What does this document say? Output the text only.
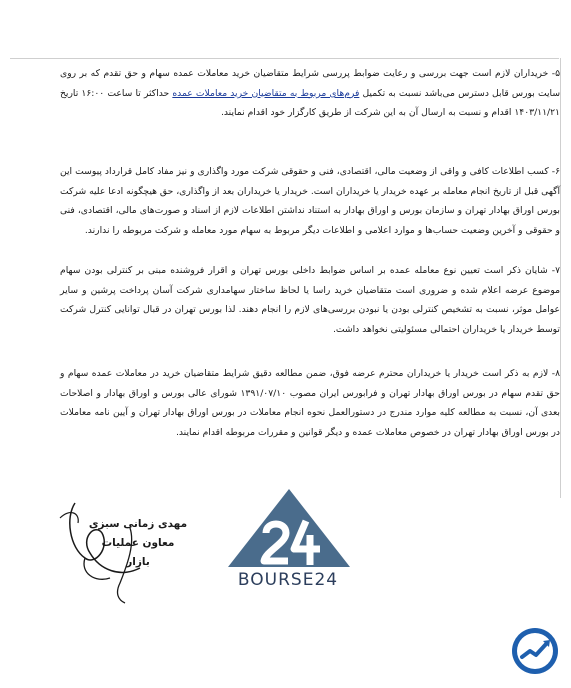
۵- خریداران لازم است جهت بررسی و رعایت ضوابط پررسی شرایط متقاضیان خرید معاملات عمده سهام و حق تقدم که بر روی سایت بورس قابل دسترس می‌باشد نسبت به تکمیل فرم‌های مربوط به متقاضیان خرید معاملات عمده حداکثر تا ساعت ۱۶:۰۰ تاریخ ۱۴۰۳/۱۱/۲۱ اقدام و نسبت به ارسال آن به این شرکت از طریق کارگزار خود اقدام نمایند.

۶- کسب اطلاعات کافی و واقی از وضعیت مالی، اقتصادی، فنی و حقوقی شرکت مورد واگذاری و نیز مفاد کامل قرارداد پیوست این آگهی قبل از تاریخ انجام معامله بر عهده خریدار یا خریداران است. خریدار یا خریداران بعد از واگذاری، حق هیچگونه ادعا علیه شرکت بورس اوراق بهادار تهران و سازمان بورس و اوراق بهادار به استناد نداشتن اطلاعات لازم از اسناد و صورت‌های مالی، اقتصادی، فنی و حقوقی و آخرین وضعیت حساب‌ها و موارد اعلامی و اطلاعات دیگر مربوط به سهام مورد معامله و شرکت مربوطه را ندارند.

۷- شایان ذکر است تعیین نوع معامله عمده بر اساس ضوابط داخلی بورس تهران و اقرار فروشنده مبنی بر کنترلی بودن سهام موضوع عرضه اعلام شده و ضروری است متقاضیان خرید راسا یا لحاظ ساختار سهامداری شرکت آسان پرداخت پرشین و سایر عوامل موثر، نسبت به تشخیص کنترلی بودن یا نبودن بررسی‌های لازم را انجام دهند. لذا بورس تهران در قبال توانایی کنترل شرکت توسط خریدار یا خریداران احتمالی مسئولیتی نخواهد داشت.

۸- لازم به ذکر است خریدار یا خریداران محترم عرضه فوق، ضمن مطالعه دقیق شرایط متقاضیان خرید در معاملات عمده سهام و حق تقدم سهام در بورس اوراق بهادار تهران و فرابورس ایران مصوب ۱۳۹۱/۰۷/۱۰ شورای عالی بورس و اوراق بهادار و اصلاحات بعدی آن، نسبت به مطالعه کلیه موارد مندرج در دستورالعمل نحوه انجام معاملات در بورس اوراق بهادار تهران و آیین نامه معاملات در بورس اوراق بهادار تهران در خصوص معاملات عمده و دیگر قوانین و مقررات مربوطه اقدام نمایند.

مهدی زمانی سبزی
معاون عملیات بازار
BOURSE24
